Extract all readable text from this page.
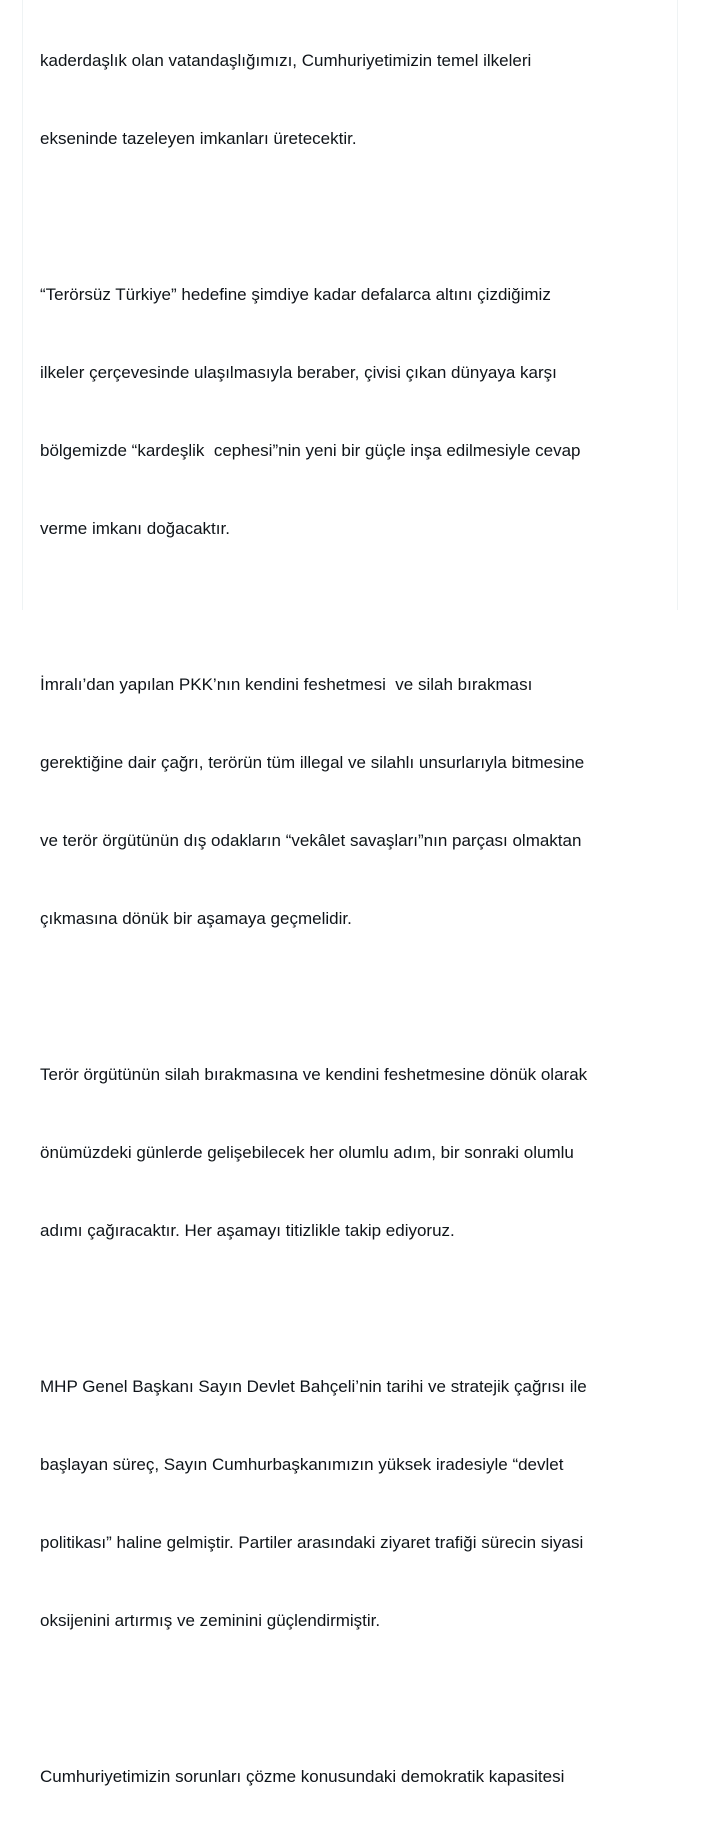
kaderdaşlık olan vatandaşlığımızı, Cumhuriyetimizin temel ilkeleri

ekseninde tazeleyen imkanları üretecektir.

“Terörsüz Türkiye” hedefine şimdiye kadar defalarca altını çizdiğimiz

ilkeler çerçevesinde ulaşılmasıyla beraber, çivisi çıkan dünyaya karşı

bölgemizde “kardeşlik  cephesi”nin yeni bir güçle inşa edilmesiyle cevap

verme imkanı doğacaktır.

İmralı’dan yapılan PKK’nın kendini feshetmesi  ve silah bırakması

gerektiğine dair çağrı, terörün tüm illegal ve silahlı unsurlarıyla bitmesine

ve terör örgütünün dış odakların “vekâlet savaşları”nın parçası olmaktan

çıkmasına dönük bir aşamaya geçmelidir.

Terör örgütünün silah bırakmasına ve kendini feshetmesine dönük olarak

önümüzdeki günlerde gelişebilecek her olumlu adım, bir sonraki olumlu

adımı çağıracaktır. Her aşamayı titizlikle takip ediyoruz.

MHP Genel Başkanı Sayın Devlet Bahçeli’nin tarihi ve stratejik çağrısı ile

başlayan süreç, Sayın Cumhurbaşkanımızın yüksek iradesiyle “devlet

politikası” haline gelmiştir. Partiler arasındaki ziyaret trafiği sürecin siyasi

oksijenini artırmış ve zeminini güçlendirmiştir.

Cumhuriyetimizin sorunları çözme konusundaki demokratik kapasitesi
